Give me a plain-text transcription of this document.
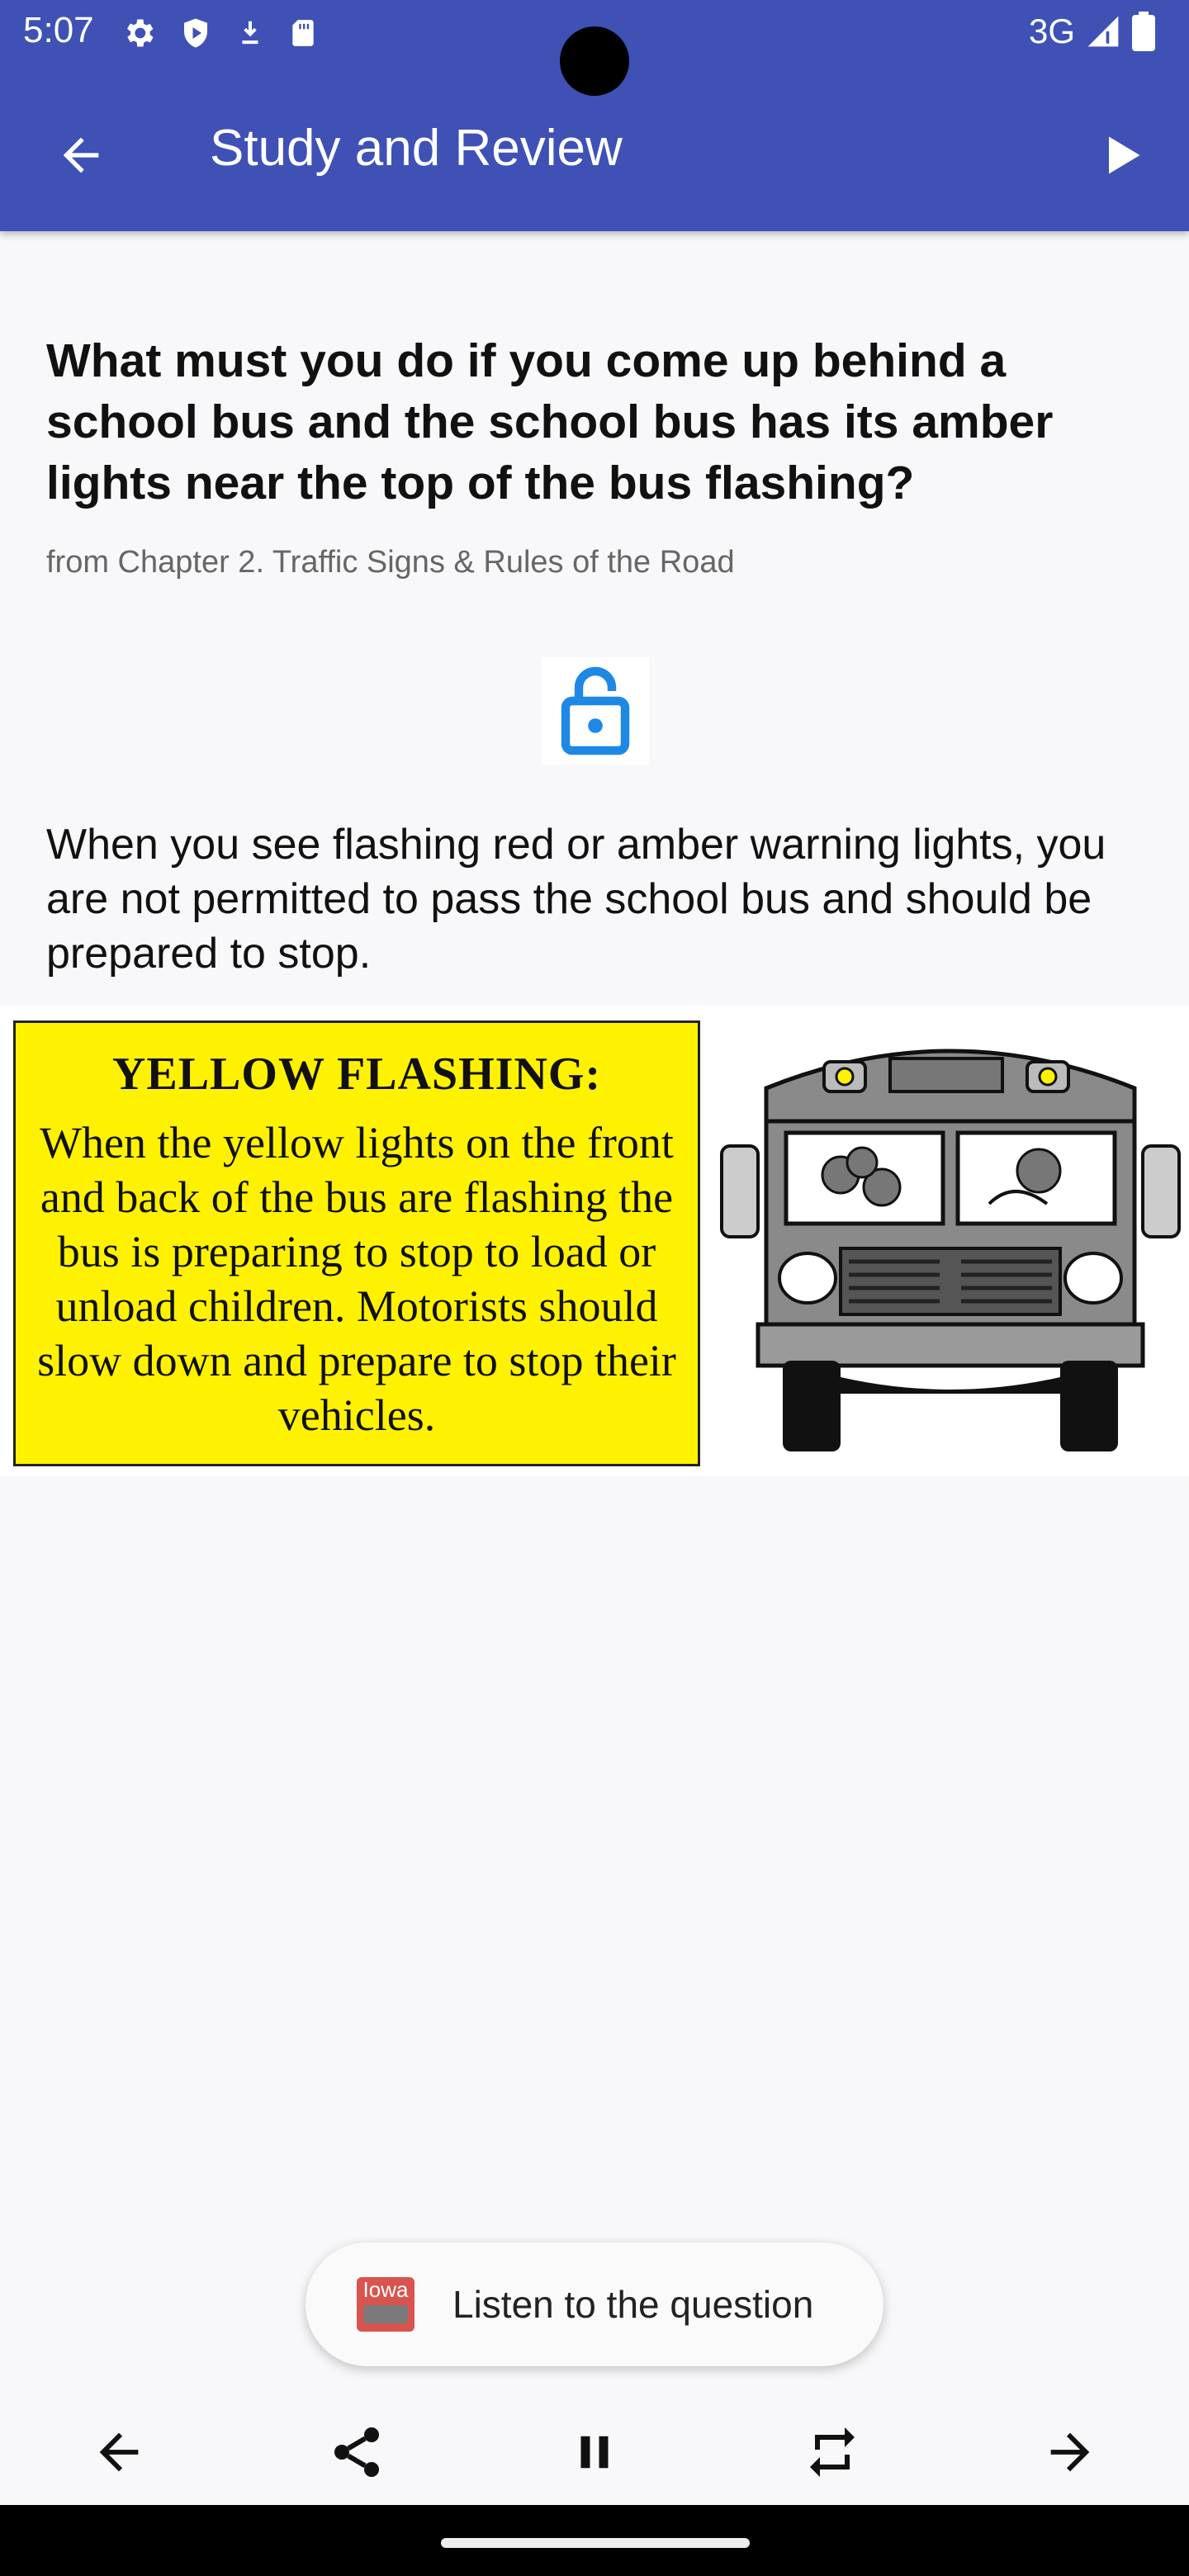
5:07	3G
Study and Review
What must you do if you come up behind a school bus and the school bus has its amber lights near the top of the bus flashing?
from Chapter 2. Traffic Signs & Rules of the Road
When you see flashing red or amber warning lights, you are not permitted to pass the school bus and should be prepared to stop.
YELLOW FLASHING:
When the yellow lights on the front and back of the bus are flashing the bus is preparing to stop to load or unload children. Motorists should slow down and prepare to stop their vehicles.
Iowa Listen to the question
